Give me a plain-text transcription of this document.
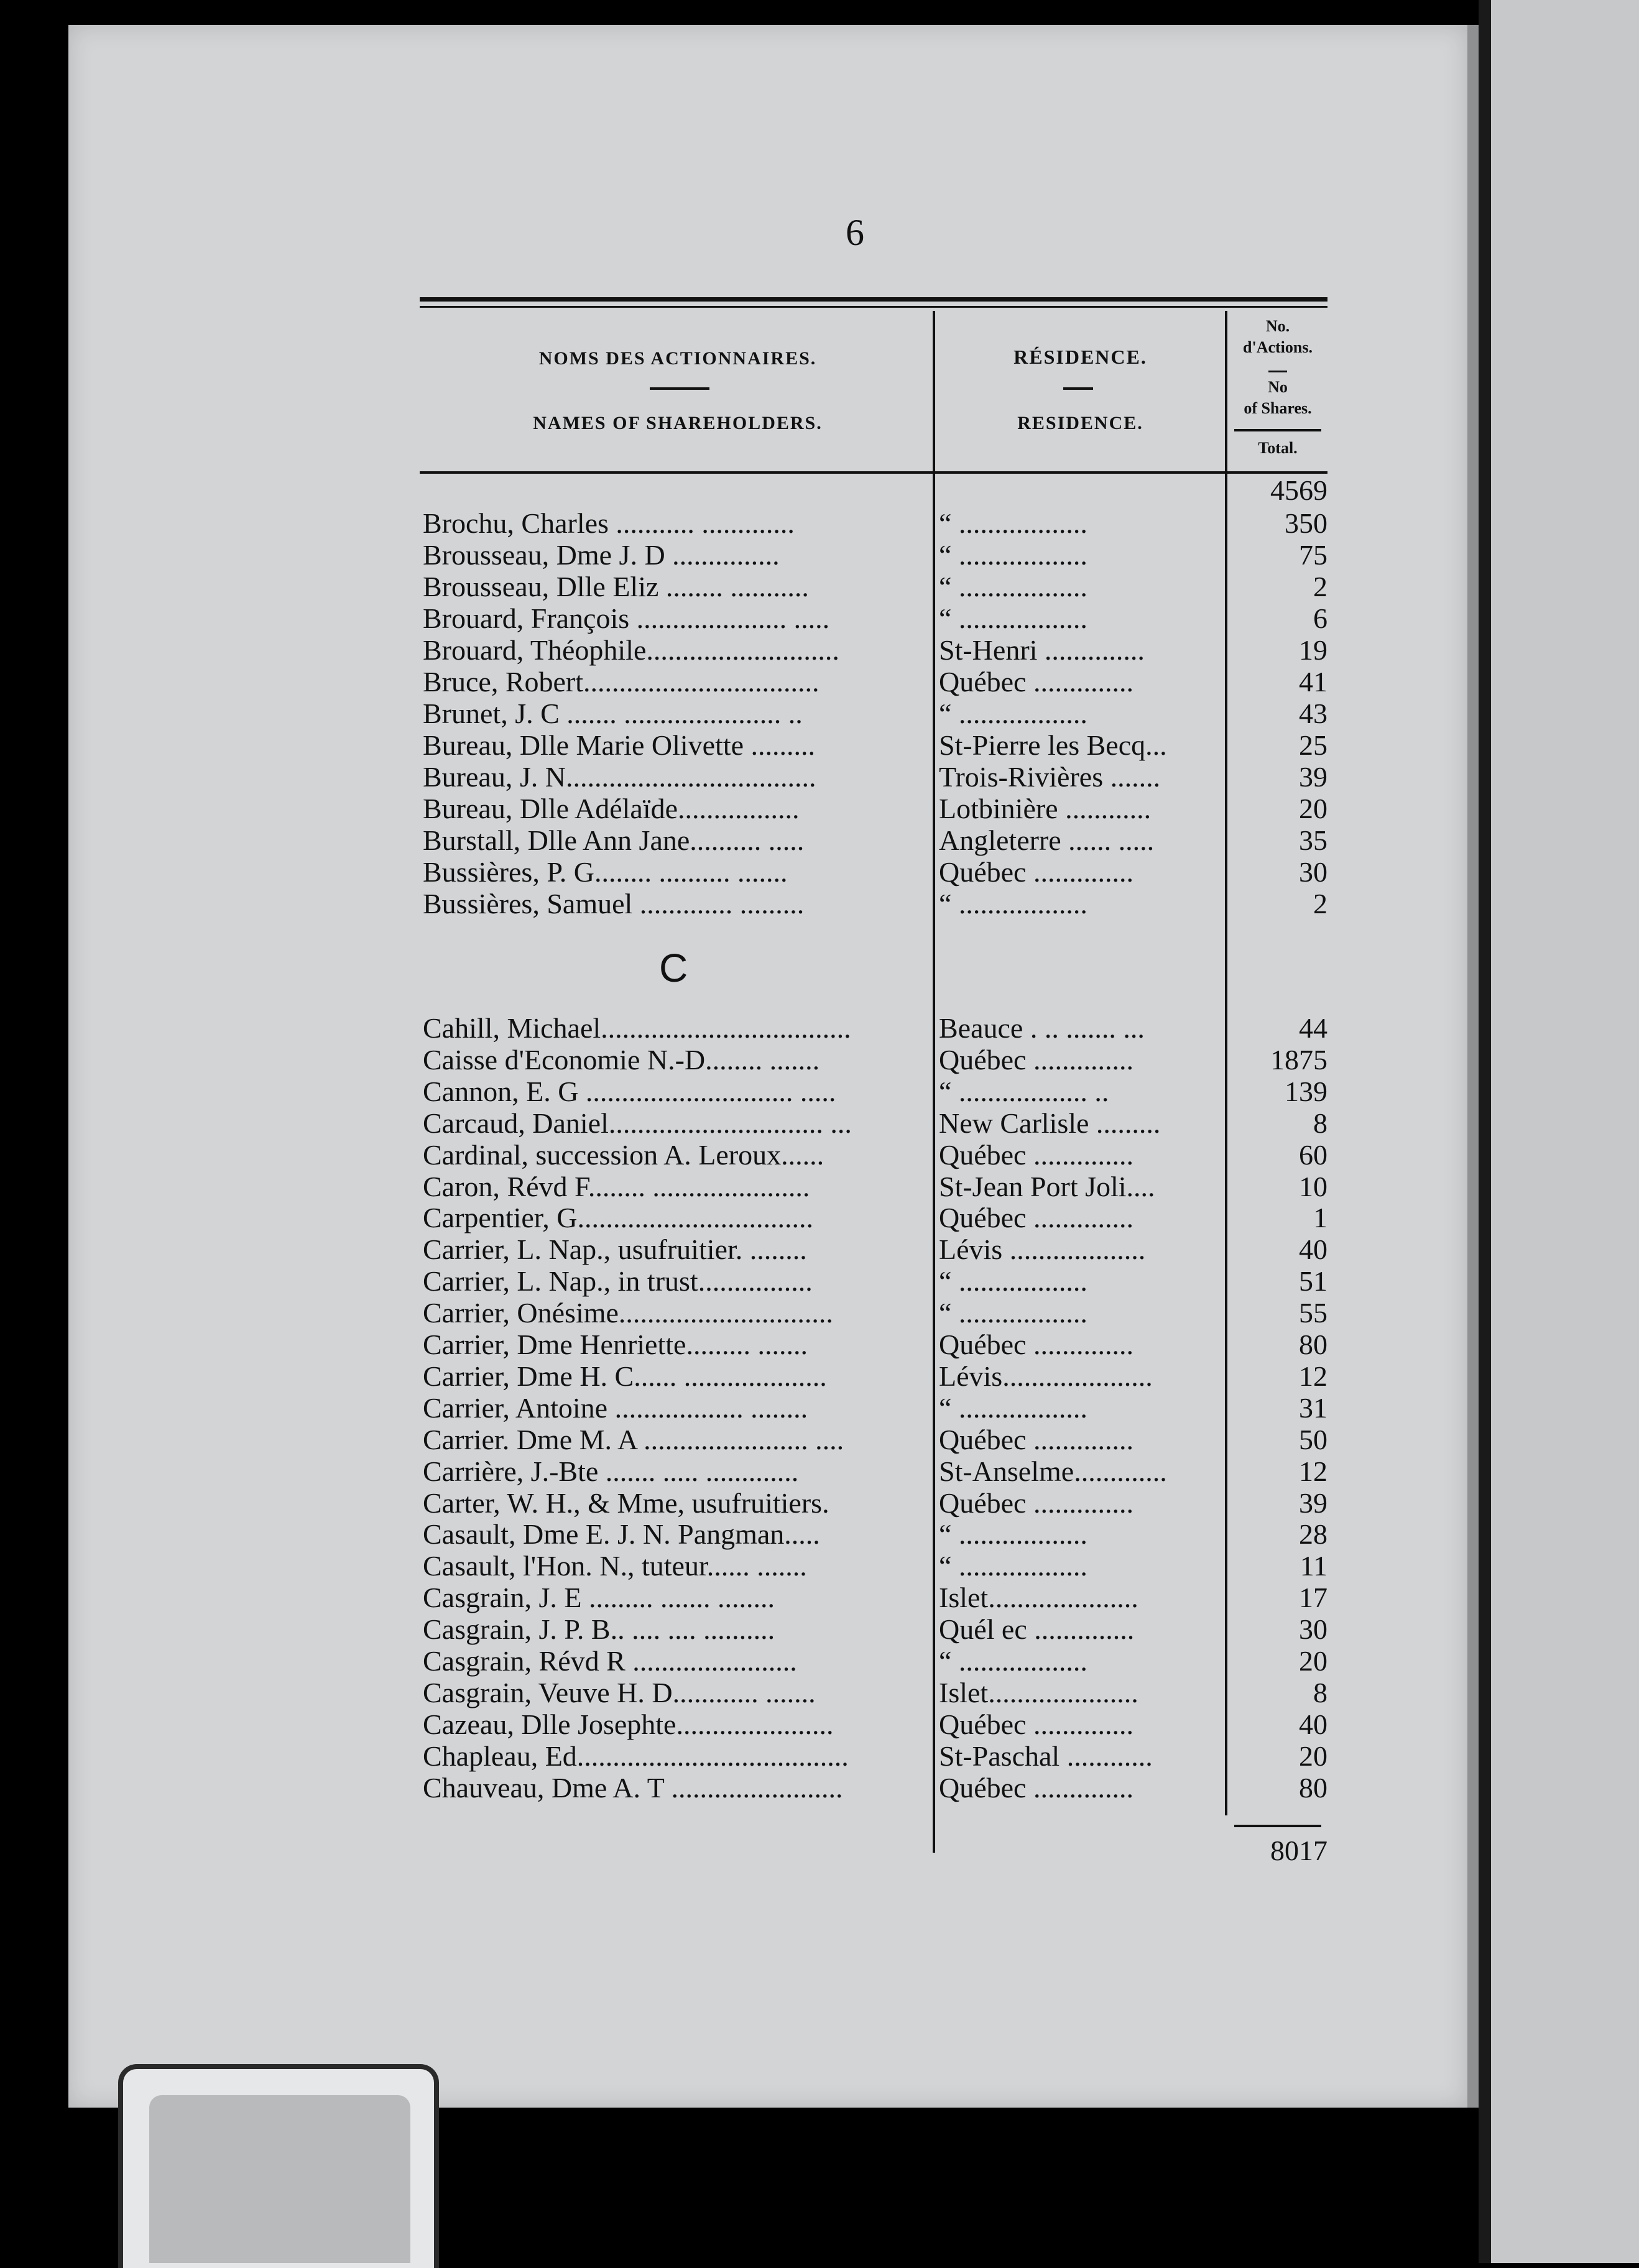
6
NOMS DES ACTIONNAIRES.
NAMES OF SHAREHOLDERS.
RÉSIDENCE.
RESIDENCE.
No.
d'Actions.
No
of Shares.
Total.
4569
Brochu, Charles ........... .............	“ ..................	350
Brousseau, Dme J. D ...............	“ ..................	75
Brousseau, Dlle Eliz ........ ...........	“ ..................	2
Brouard, François ..................... .....	“ ..................	6
Brouard, Théophile...........................	St-Henri ..............	19
Bruce, Robert.................................	Québec ..............	41
Brunet, J. C ....... ...................... ..	“ ..................	43
Bureau, Dlle Marie Olivette .........	St-Pierre les Becq...	25
Bureau, J. N...................................	Trois-Rivières .......	39
Bureau, Dlle Adélaïde.................	Lotbinière ............	20
Burstall, Dlle Ann Jane.......... .....	Angleterre ...... .....	35
Bussières, P. G........ .......... .......	Québec ..............	30
Bussières, Samuel ............. .........	“ ..................	2
C
Cahill, Michael...................................	Beauce . .. ....... ...	44
Caisse d'Economie N.-D........ .......	Québec ..............	1875
Cannon, E. G ............................. .....	“ .................. ..	139
Carcaud, Daniel.............................. ...	New Carlisle .........	8
Cardinal, succession A. Leroux......	Québec ..............	60
Caron, Révd F........ ......................	St-Jean Port Joli....	10
Carpentier, G.................................	Québec ..............	1
Carrier, L. Nap., usufruitier. ........	Lévis ...................	40
Carrier, L. Nap., in trust................	“ ..................	51
Carrier, Onésime..............................	“ ..................	55
Carrier, Dme Henriette......... .......	Québec ..............	80
Carrier, Dme H. C...... ....................	Lévis.....................	12
Carrier, Antoine .................. ........	“ ..................	31
Carrier. Dme M. A ....................... ....	Québec ..............	50
Carrière, J.-Bte ....... ..... .............	St-Anselme.............	12
Carter, W. H., & Mme, usufruitiers.	Québec ..............	39
Casault, Dme E. J. N. Pangman.....	“ ..................	28
Casault, l'Hon. N., tuteur...... .......	“ ..................	11
Casgrain, J. E ......... ....... ........	Islet.....................	17
Casgrain, J. P. B.. .... .... ..........	Quél ec ..............	30
Casgrain, Révd R .......................	“ ..................	20
Casgrain, Veuve H. D............ .......	Islet.....................	8
Cazeau, Dlle Josephte......................	Québec ..............	40
Chapleau, Ed......................................	St-Paschal ............	20
Chauveau, Dme A. T ........................	Québec ..............	80
8017
